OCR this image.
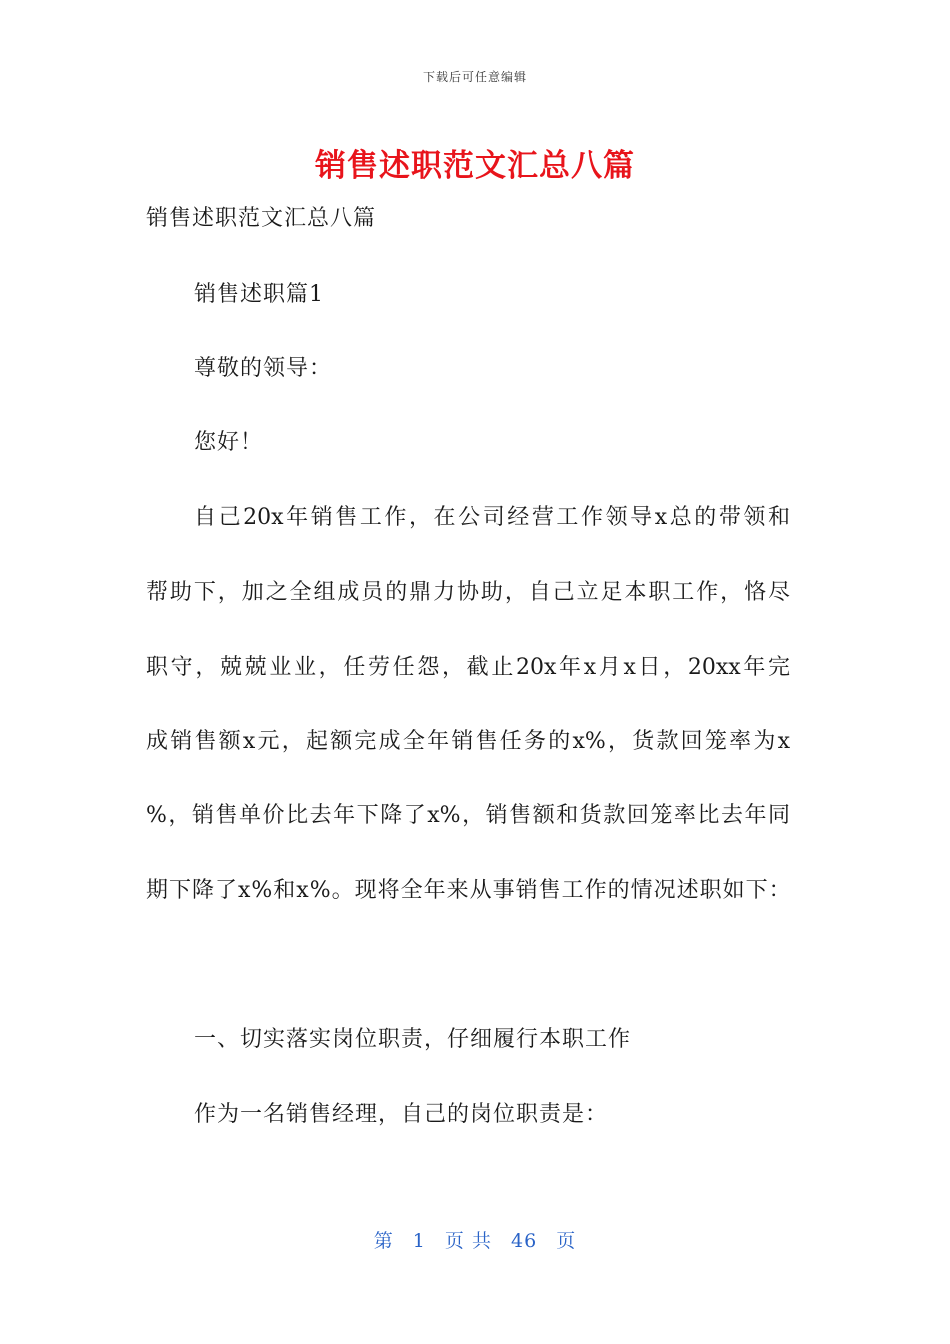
下载后可任意编辑
销售述职范文汇总八篇
销售述职范文汇总八篇
销售述职篇1
尊敬的领导：
您好！
自己20x年销售工作，在公司经营工作领导x总的带领和
帮助下，加之全组成员的鼎力协助，自己立足本职工作，恪尽
职守，兢兢业业，任劳任怨，截止20x年x月x日，20xx年完
成销售额x元，起额完成全年销售任务的x%，货款回笼率为x
%，销售单价比去年下降了x%，销售额和货款回笼率比去年同
期下降了x%和x%。现将全年来从事销售工作的情况述职如下：
一、切实落实岗位职责，仔细履行本职工作
作为一名销售经理，自己的岗位职责是：
第 1 页 共 46 页
